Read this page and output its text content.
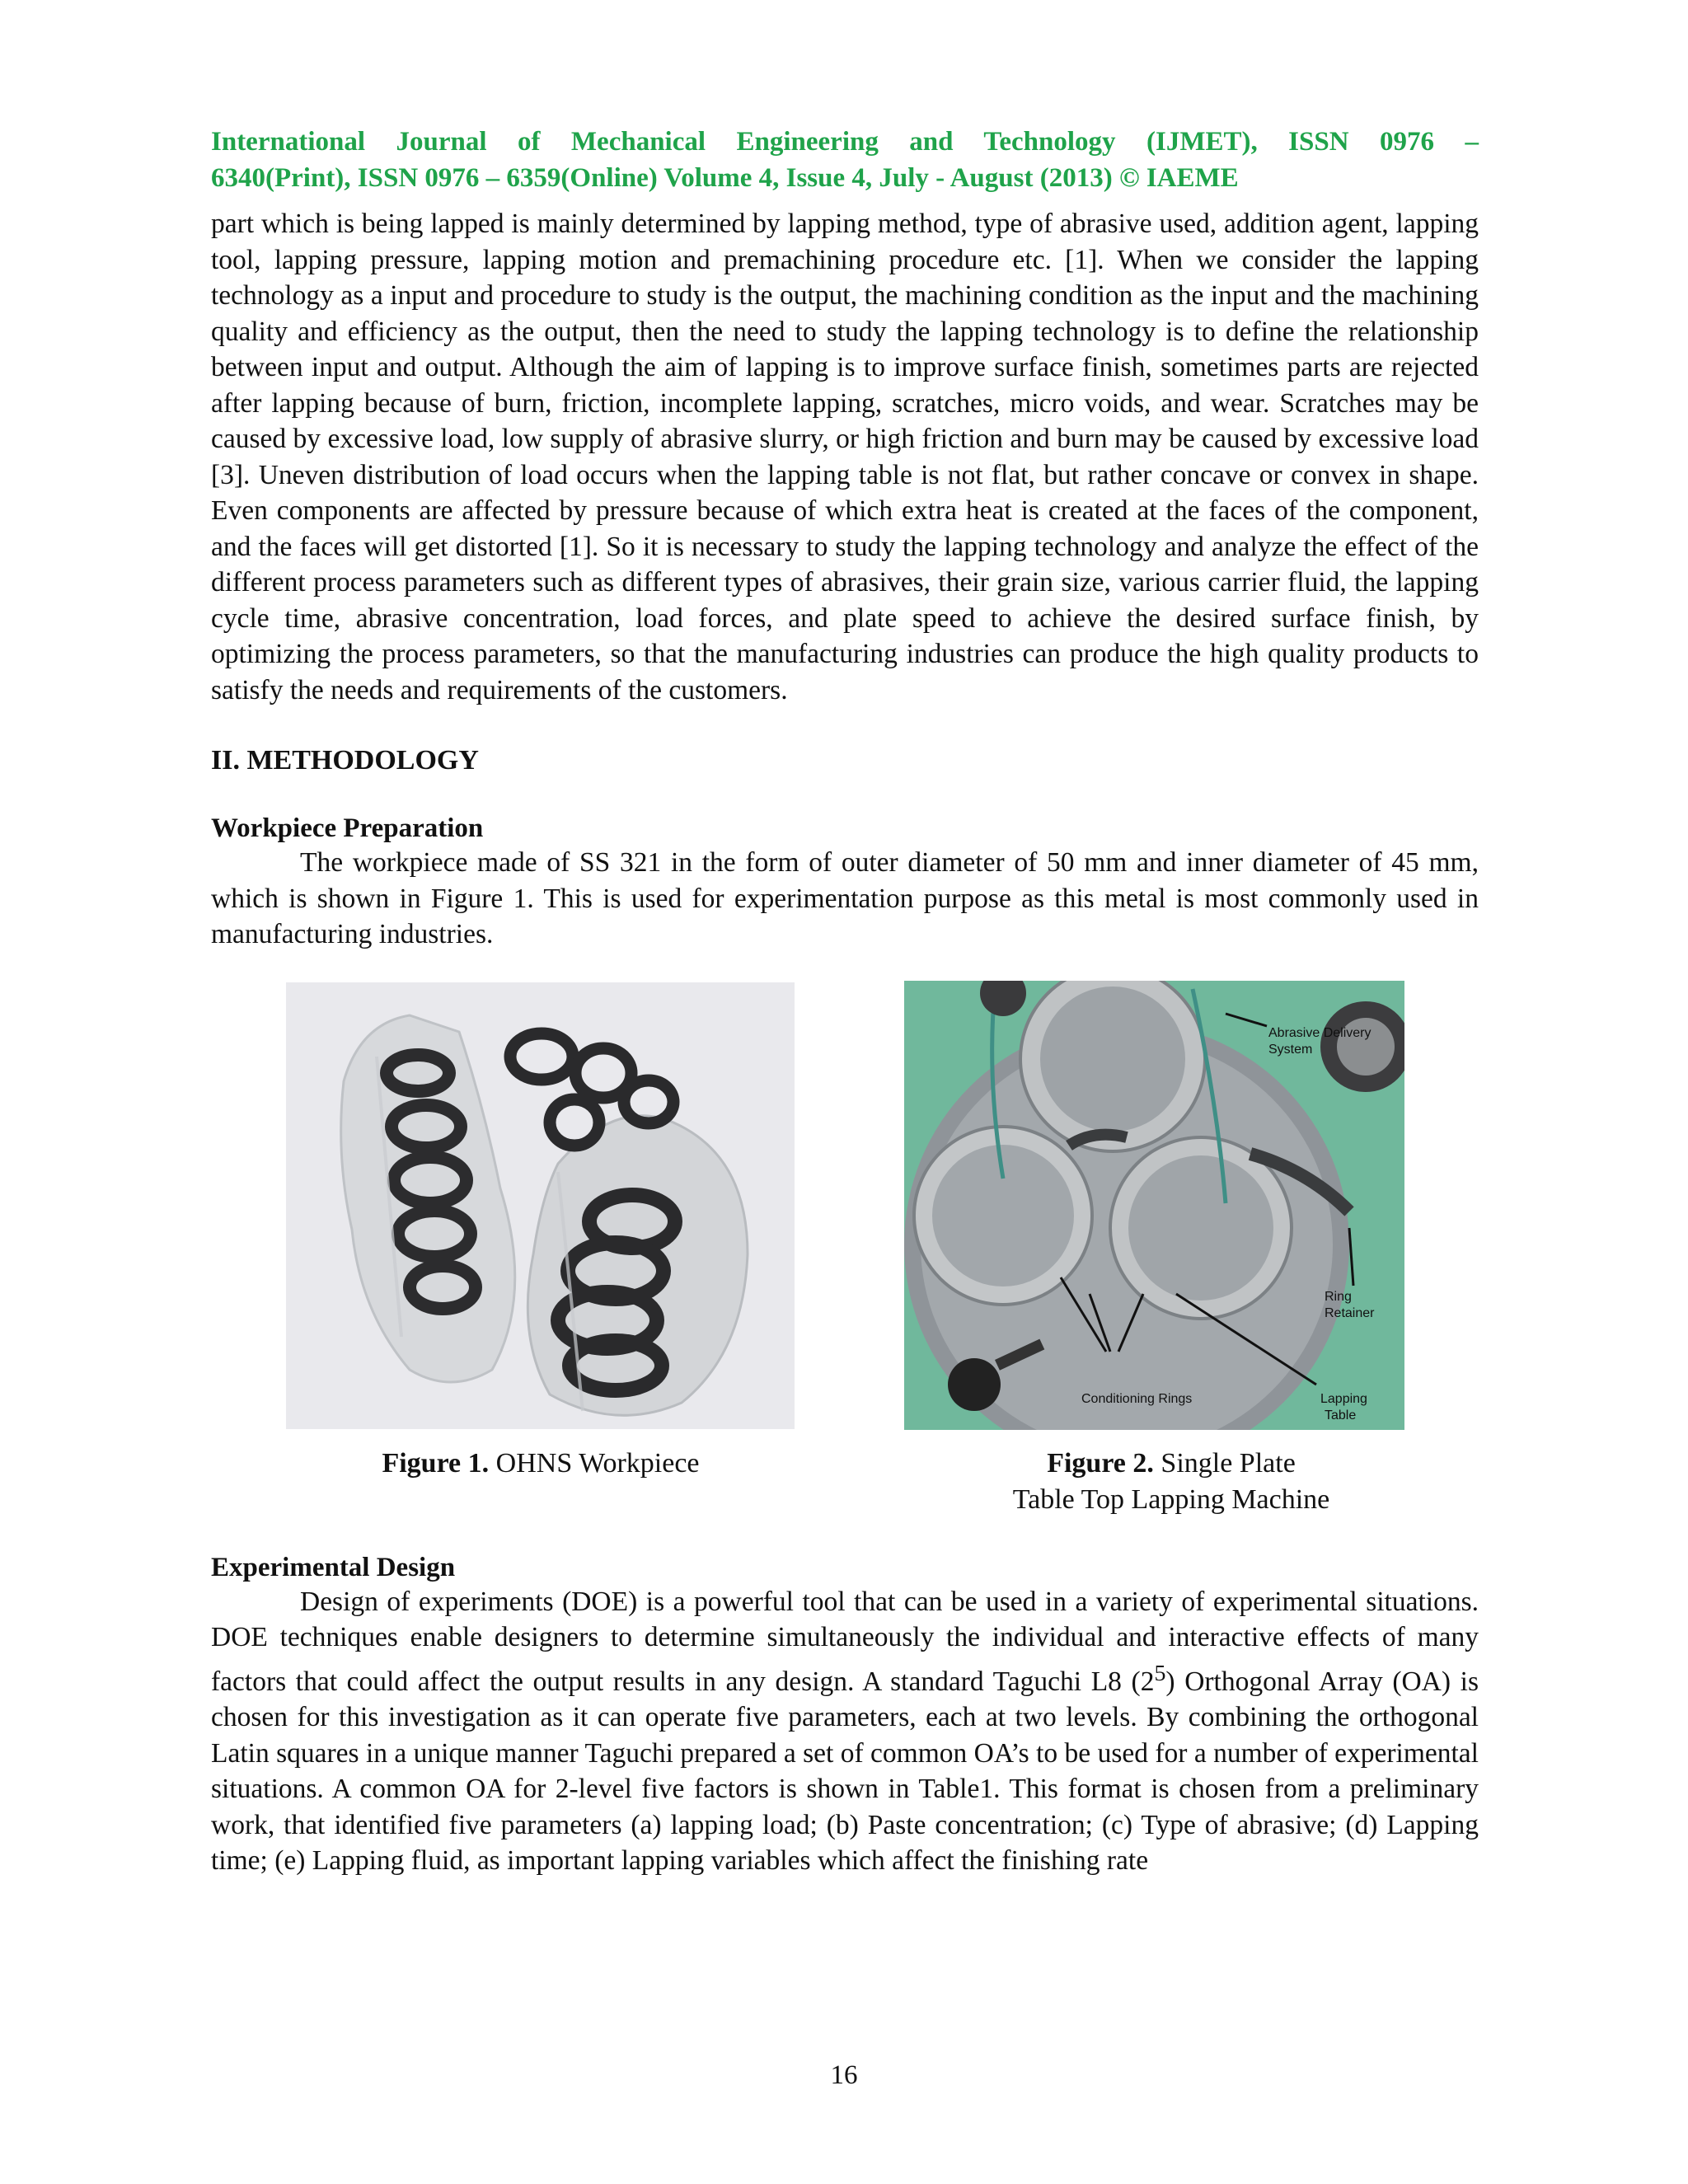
International Journal of Mechanical Engineering and Technology (IJMET), ISSN 0976 –
6340(Print), ISSN 0976 – 6359(Online) Volume 4, Issue 4, July - August (2013) © IAEME

part which is being lapped is mainly determined by lapping method, type of abrasive used, addition agent, lapping tool, lapping pressure, lapping motion and premachining procedure etc. [1]. When we consider the lapping technology as a input and procedure to study is the output, the machining condition as the input and the machining quality and efficiency as the output, then the need to study the lapping technology is to define the relationship between input and output. Although the aim of lapping is to improve surface finish, sometimes parts are rejected after lapping because of burn, friction, incomplete lapping, scratches, micro voids, and wear. Scratches may be caused by excessive load, low supply of abrasive slurry, or high friction and burn may be caused by excessive load [3]. Uneven distribution of load occurs when the lapping table is not flat, but rather concave or convex in shape. Even components are affected by pressure because of which extra heat is created at the faces of the component, and the faces will get distorted [1]. So it is necessary to study the lapping technology and analyze the effect of the different process parameters such as different types of abrasives, their grain size, various carrier fluid, the lapping cycle time, abrasive concentration, load forces, and plate speed to achieve the desired surface finish, by optimizing the process parameters, so that the manufacturing industries can produce the high quality products to satisfy the needs and requirements of the customers.

II. METHODOLOGY
Workpiece Preparation

The workpiece made of SS 321 in the form of outer diameter of 50 mm and inner diameter of 45 mm, which is shown in Figure 1. This is used for experimentation purpose as this metal is most commonly used in manufacturing industries.

Abrasive Delivery
System
Ring
Retainer
Conditioning Rings	Lapping
Table
Figure 1. OHNS Workpiece	Figure 2. Single Plate
Table Top Lapping Machine
Experimental Design

Design of experiments (DOE) is a powerful tool that can be used in a variety of experimental situations. DOE techniques enable designers to determine simultaneously the individual and interactive effects of many factors that could affect the output results in any design. A standard Taguchi L8 $(2^5)$ Orthogonal Array (OA) is chosen for this investigation as it can operate five parameters, each at two levels. By combining the orthogonal Latin squares in a unique manner Taguchi prepared a set of common OA’s to be used for a number of experimental situations. A common OA for 2-level five factors is shown in Table1. This format is chosen from a preliminary work, that identified five parameters (a) lapping load; (b) Paste concentration; (c) Type of abrasive; (d) Lapping time; (e) Lapping fluid, as important lapping variables which affect the finishing rate

16
